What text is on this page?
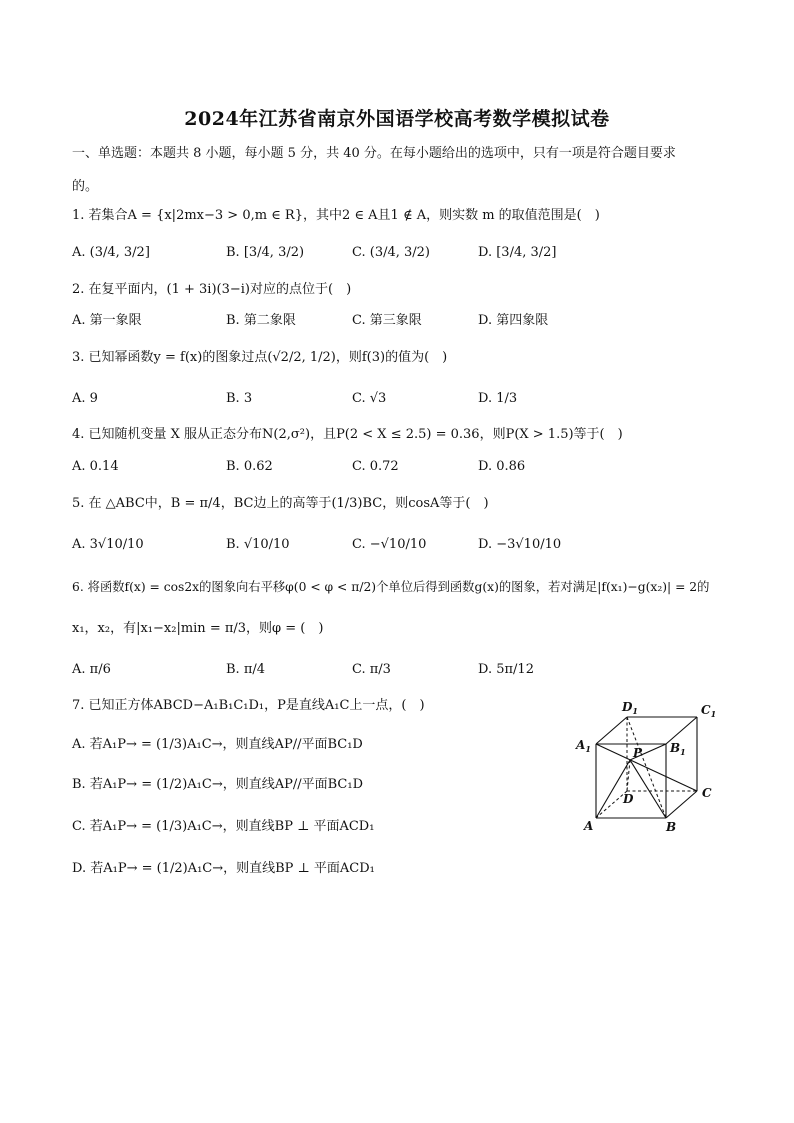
2024年江苏省南京外国语学校高考数学模拟试卷
一、单选题：本题共 8 小题，每小题 5 分，共 40 分。在每小题给出的选项中，只有一项是符合题目要求
的。
1. 若集合A = {x|2mx−3 > 0,m ∈ R}，其中2 ∈ A且1 ∉ A，则实数 m 的取值范围是(　)
A. (3/4, 3/2]	B. [3/4, 3/2)	C. (3/4, 3/2)	D. [3/4, 3/2]
2. 在复平面内，(1 + 3i)(3−i)对应的点位于(　)
A. 第一象限	B. 第二象限	C. 第三象限	D. 第四象限
3. 已知幂函数y = f(x)的图象过点(√2/2, 1/2)，则f(3)的值为(　)
A. 9	B. 3	C. √3	D. 1/3
4. 已知随机变量 X 服从正态分布N(2,σ²)，且P(2 < X ≤ 2.5) = 0.36，则P(X > 1.5)等于(　)
A. 0.14	B. 0.62	C. 0.72	D. 0.86
5. 在 △ABC中，B = π/4，BC边上的高等于(1/3)BC，则cosA等于(　)
A. 3√10/10	B. √10/10	C. −√10/10	D. −3√10/10
6. 将函数f(x) = cos2x的图象向右平移φ(0 < φ < π/2)个单位后得到函数g(x)的图象，若对满足|f(x₁)−g(x₂)| = 2的
x₁，x₂，有|x₁−x₂|min = π/3，则φ = (　)
A. π/6	B. π/4	C. π/3	D. 5π/12
7. 已知正方体ABCD−A₁B₁C₁D₁，P是直线A₁C上一点，(　)
A. 若A₁P→ = (1/3)A₁C→，则直线AP//平面BC₁D
B. 若A₁P→ = (1/2)A₁C→，则直线AP//平面BC₁D
C. 若A₁P→ = (1/3)A₁C→，则直线BP ⊥ 平面ACD₁
D. 若A₁P→ = (1/2)A₁C→，则直线BP ⊥ 平面ACD₁
$D_1$	$C_1$
$A_1$	$B_1$
P
D	C
A	B
